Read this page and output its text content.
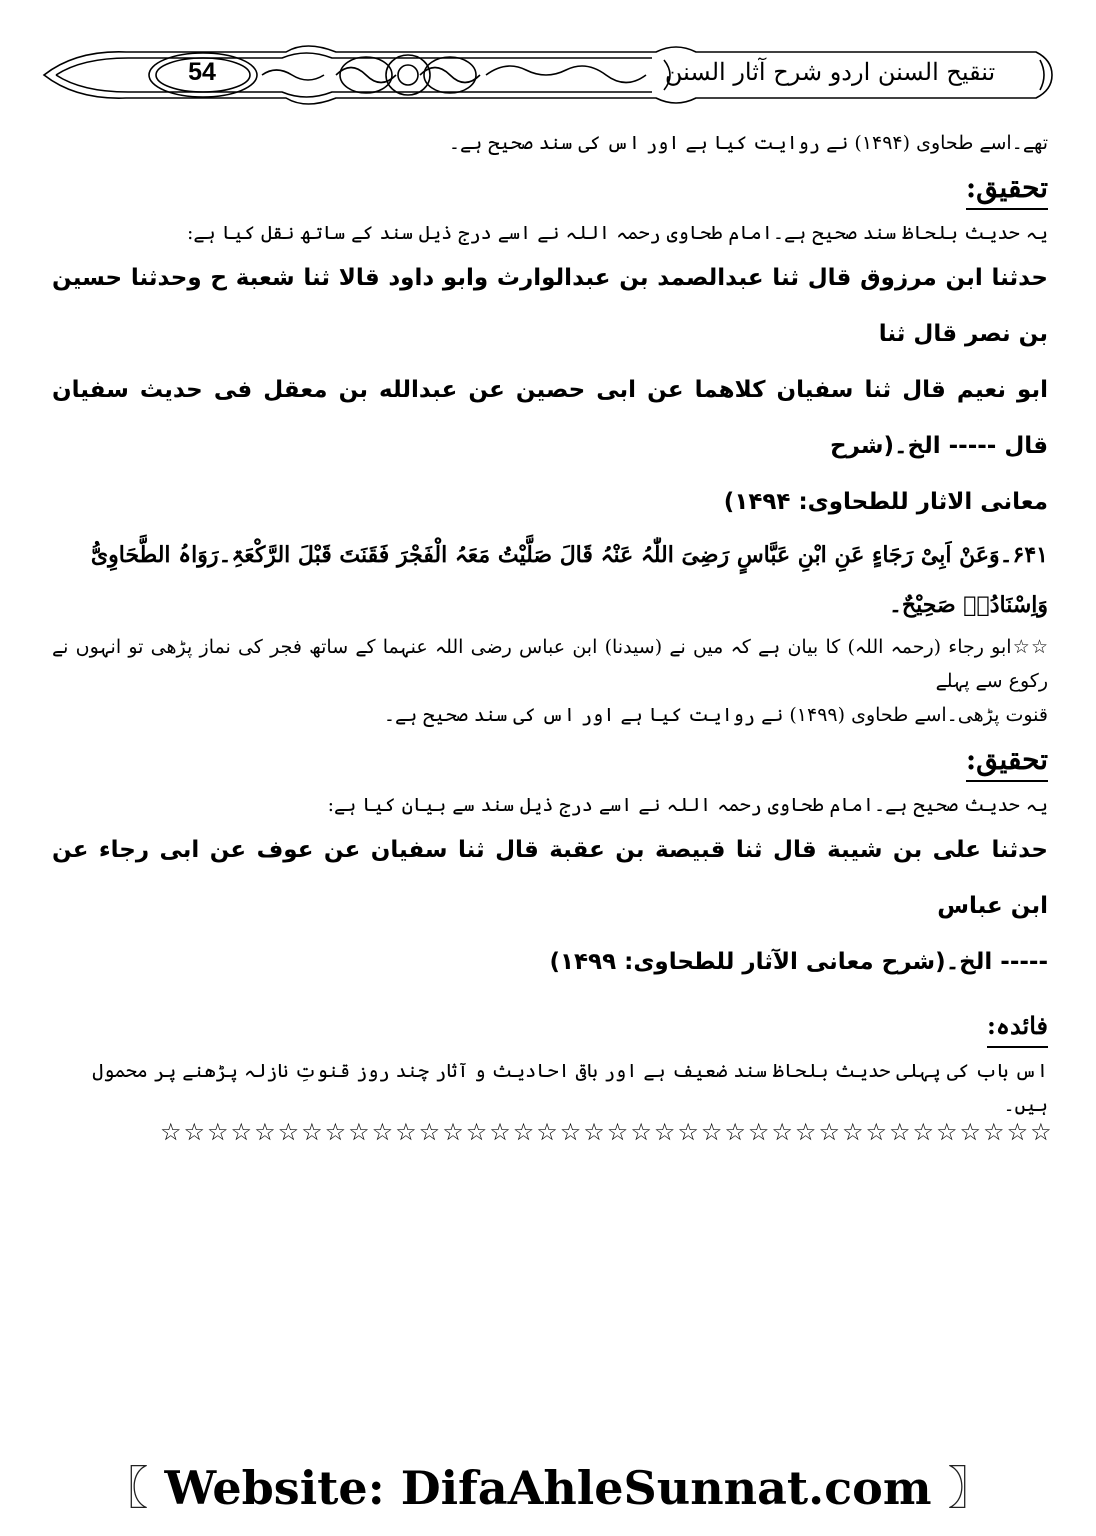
54	تنقیح السنن اردو شرح آثار السنن

تھے۔اسے طحاوی (۱۴۹۴) نے روایت کیا ہے اور اس کی سند صحیح ہے۔

تحقیق:

یہ حدیث بلحاظ سند صحیح ہے۔امام طحاوی رحمہ اللہ نے اسے درج ذیل سند کے ساتھ نقل کیا ہے:

حدثنا ابن مرزوق قال ثنا عبدالصمد بن عبدالوارث وابو داود قالا ثنا شعبة ح وحدثنا حسين بن نصر قال ثنا

ابو نعيم قال ثنا سفيان كلاهما عن ابى حصين عن عبدالله بن معقل فى حديث سفيان قال ----- الخ۔(شرح

معانى الاثار للطحاوى: ۱۴۹۴)

۶۴۱۔وَعَنْ اَبِیْ رَجَاءٍ عَنِ ابْنِ عَبَّاسٍ رَضِیَ اللّٰہُ عَنْہُ قَالَ صَلَّیْتُ مَعَہُ الْفَجْرَ فَقَنَتَ قَبْلَ الرَّکْعَۃِ۔رَوَاہُ الطَّحَاوِیُّ

وَاِسْنَادُہٗ صَحِیْحٌ۔

☆☆ابو رجاء (رحمہ اللہ) کا بیان ہے کہ میں نے (سیدنا) ابن عباس رضی اللہ عنہما کے ساتھ فجر کی نماز پڑھی تو انہوں نے رکوع سے پہلے

قنوت پڑھی۔اسے طحاوی (۱۴۹۹) نے روایت کیا ہے اور اس کی سند صحیح ہے۔

تحقیق:

یہ حدیث صحیح ہے۔امام طحاوی رحمہ اللہ نے اسے درج ذیل سند سے بیان کیا ہے:

حدثنا على بن شيبة قال ثنا قبيصة بن عقبة قال ثنا سفيان عن عوف عن ابى رجاء عن ابن عباس

----- الخ۔(شرح معانى الآثار للطحاوى: ۱۴۹۹)

فائدہ:

اس باب کی پہلی حدیث بلحاظ سند ضعیف ہے اور باقی احادیث و آثار چند روز قنوتِ نازلہ پڑھنے پر محمول ہیں۔

☆☆☆☆☆☆☆☆☆☆☆☆☆☆☆☆☆☆☆☆☆☆☆☆☆☆☆☆☆☆☆☆☆☆☆☆☆☆
〖 Website: DifaAhleSunnat.com 〗
